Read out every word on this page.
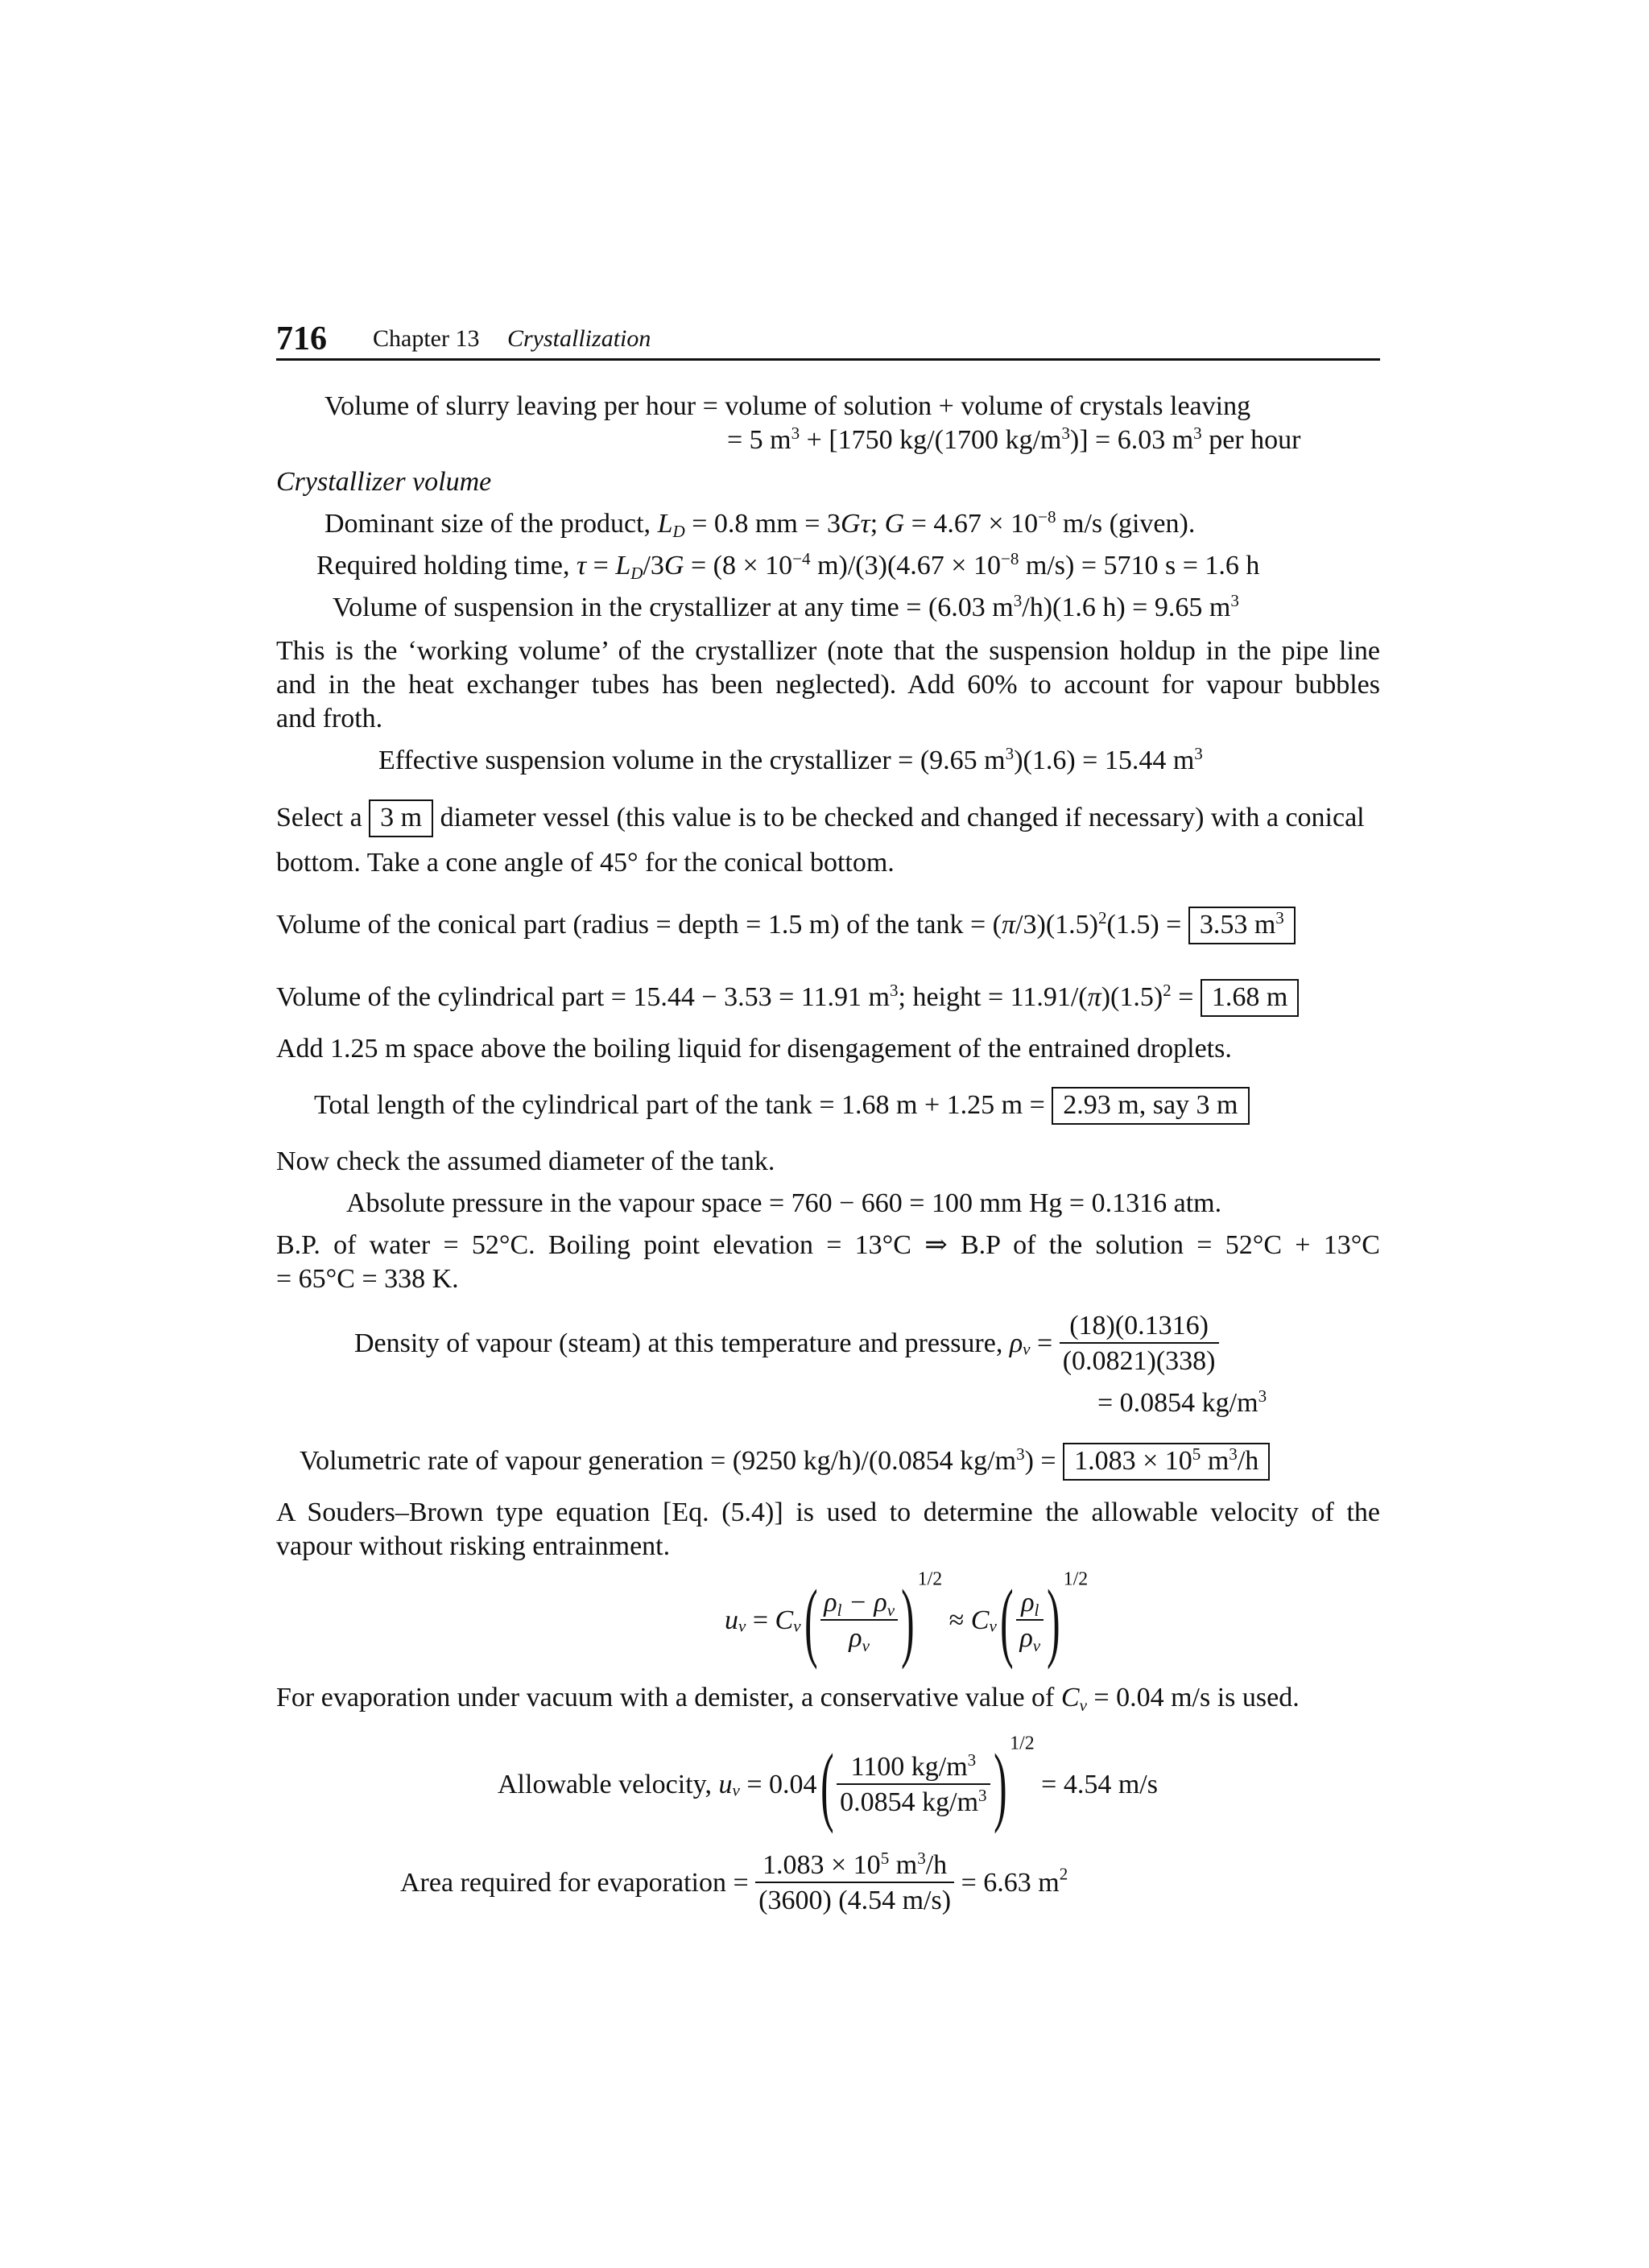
716 Chapter 13 Crystallization
Volume of slurry leaving per hour = volume of solution + volume of crystals leaving
= 5 $m^3 + [1750$ kg/(1700 $kg/m^3)] = 6.03$ $m^3$ per hour
Crystallizer volume
Dominant size of the product, $L_D = 0.8$ mm = 3Gτ; $G = 4.67 \times 10^{-8}$ m/s (given).
Required holding time, $\tau = L_D/3G = (8 \times 10^{-4}$ $m)/(3)(4.67 \times 10^{-8}$ m/s) = 5710 s = 1.6 h
Volume of suspension in the crystallizer at any time = (6.03 $m^3/h)(1.6$ h) = 9.65 $m^3$
This is the ‘working volume’ of the crystallizer (note that the suspension holdup in the pipe line
and in the heat exchanger tubes has been neglected). Add 60% to account for vapour bubbles
and froth.
Effective suspension volume in the crystallizer = (9.65 $m^3)(1.6) = 15.44$ $m^3$
Select a 3 m diameter vessel (this value is to be checked and changed if necessary) with a conical
bottom. Take a cone angle of 45° for the conical bottom.
Volume of the conical part (radius = depth = 1.5 m) of the $\tan k = (\pi/3)(1.5)^2(1.5) = 3.53$ $m^3$
Volume of the cylindrical part = 15.44 − 3.53 = 11.91 $m^3$; height = $11.91/(\pi)(1.5)^2 = 1.68$ m
Add 1.25 m space above the boiling liquid for disengagement of the entrained droplets.
Total length of the cylindrical part of the tank = 1.68 m + 1.25 m = 2.93 m, say 3 m
Now check the assumed diameter of the tank.
Absolute pressure in the vapour space = 760 − 660 = 100 mm Hg = 0.1316 atm.
B.P. of water = 52°C. Boiling point elevation = 13°C ⇒ B.P of the solution = 52°C + 13°C
= 65°C = 338 K.
Density of vapour (steam) at this temperature and pressure, $\rho_v = \frac{(18)(0.1316)}{(0.0821)(338)}$
= 0.0854 $kg/m^3$
Volumetric rate of vapour generation = (9250 kg/h)/(0.0854 $kg/m^3) = 1.083 \times 10^5$ $m^3/h$
A Souders–Brown type equation [Eq. (5.4)] is used to determine the allowable velocity of the
vapour without risking entrainment.
$u_v = C_v( \frac{\rho_l - \rho_v}{\rho_v}$ ) $^{1/2} \approx C_v( \frac{\rho_l}{\rho_v}$ ) $^{1/2}$
For evaporation under vacuum with a demister, a conservative value of $C_v = 0.04$ m/s is used.
Allowable velocity, $u_v = 0.04( \frac{1100 kg/m^3}{0.0854 kg/m^3}$ ) $^{1/2}$ = 4.54 m/s
Area required for evaporation = $\frac{1.083 \times 10^5 m^3/h}{(3600) (4.54 m/s)} = 6.63$ $m^2$
